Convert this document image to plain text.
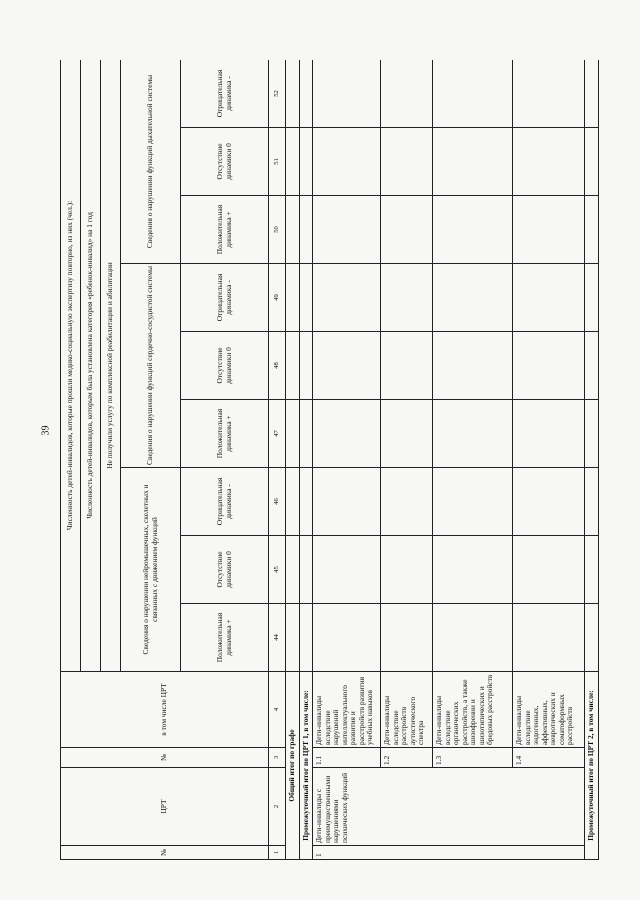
39
№	ЦРТ	№	в том числе ЦРТ	Численность детей-инвалидов, которые прошли медико-социальную экспертизу повторно, из них (чел.):								
				Численность детей-инвалидов, которым была установлена категория «ребенок-инвалид» на 1 год								
				Не получили услугу по комплексной реабилитации и абилитации								
				Сведения о нарушении нейромышечных, скелетных и связанных с движением функций			Сведения о нарушении функций сердечно-сосудистой системы			Сведения о нарушении функций дыхательной системы		
				Положительная динамика +	Отсутствие динамики 0	Отрицательная динамика -	Положительная динамика +	Отсутствие динамики 0	Отрицательная динамика -	Положительная динамика +	Отсутствие динамики 0	Отрицательная динамика -
1	2	3	4	44	45	46	47	48	49	50	51	52
Общий итог по графе												
Промежуточный итог по ЦРТ 1, в том числе:												
1	Дети-инвалиды с преимущественными нарушениями психических функций	1.1	Дети-инвалиды вследствие нарушений интеллектуального развития и расстройств развития учебных навыков									
		1.2	Дети-инвалиды вследствие расстройств аутистического спектра									
		1.3	Дети-инвалиды вследствие органических расстройств, а также шизофрении и шизотипических и бредовых расстройств									
		1.4	Дети-инвалиды вследствие эндогенных, аффективных, невротических и соматоформных расстройств									
Промежуточный итог по ЦРТ 2, в том числе:												
